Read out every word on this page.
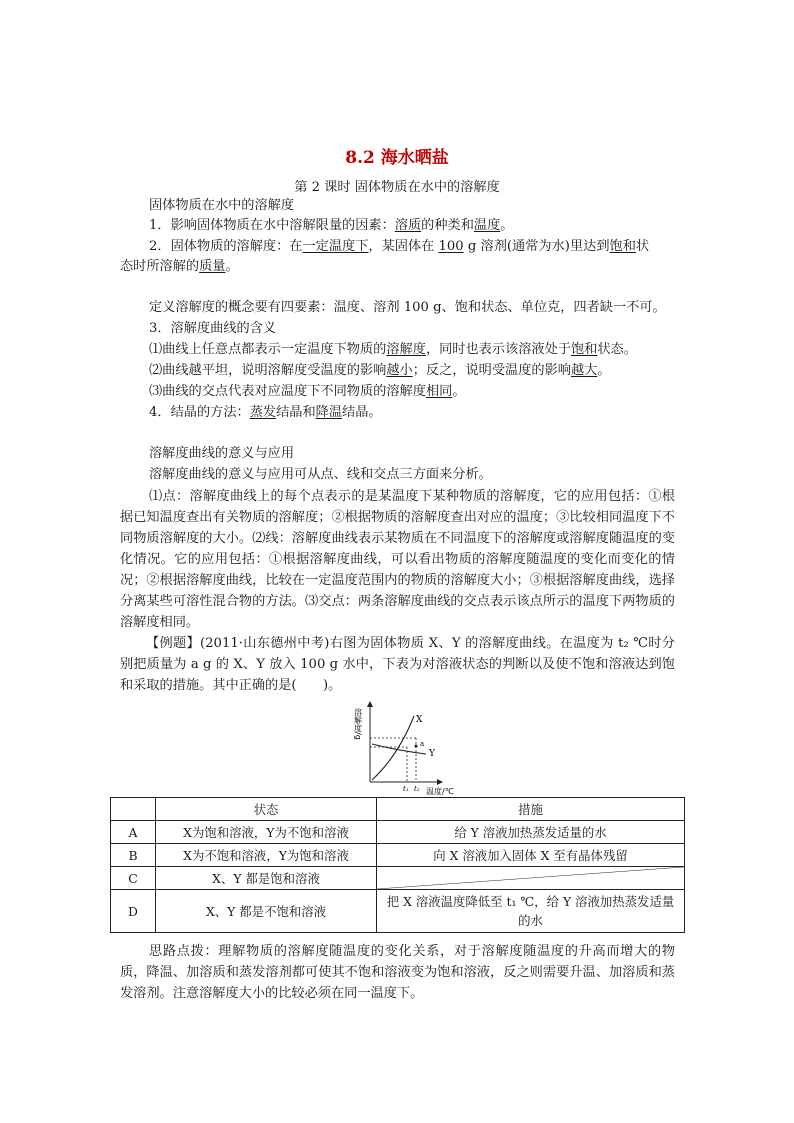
8.2 海水晒盐
第 2 课时 固体物质在水中的溶解度
固体物质在水中的溶解度
1．影响固体物质在水中溶解限量的因素：溶质的种类和温度。
2．固体物质的溶解度：在一定温度下，某固体在 100 g 溶剂(通常为水)里达到饱和状
态时所溶解的质量。
定义溶解度的概念要有四要素：温度、溶剂 100 g、饱和状态、单位克，四者缺一不可。
3．溶解度曲线的含义
⑴曲线上任意点都表示一定温度下物质的溶解度，同时也表示该溶液处于饱和状态。
⑵曲线越平坦，说明溶解度受温度的影响越小；反之，说明受温度的影响越大。
⑶曲线的交点代表对应温度下不同物质的溶解度相同。
4．结晶的方法：蒸发结晶和降温结晶。
溶解度曲线的意义与应用
溶解度曲线的意义与应用可从点、线和交点三方面来分析。
⑴点：溶解度曲线上的每个点表示的是某温度下某种物质的溶解度，它的应用包括：①根据已知温度查出有关物质的溶解度；②根据物质的溶解度查出对应的温度；③比较相同温度下不同物质溶解度的大小。⑵线：溶解度曲线表示某物质在不同温度下的溶解度或溶解度随温度的变化情况。它的应用包括：①根据溶解度曲线，可以看出物质的溶解度随温度的变化而变化的情况；②根据溶解度曲线，比较在一定温度范围内的物质的溶解度大小；③根据溶解度曲线，选择分离某些可溶性混合物的方法。⑶交点：两条溶解度曲线的交点表示该点所示的温度下两物质的溶解度相同。
【例题】(2011·山东德州中考)右图为固体物质 X、Y 的溶解度曲线。在温度为 t₂ ℃时分别把质量为 a g 的 X、Y 放入 100 g 水中，下表为对溶液状态的判断以及使不饱和溶液达到饱和采取的措施。其中正确的是(　　)。
溶解度/g
温度/℃
a
X
Y
t₁ t₂
	状态	措施
A	X为饱和溶液，Y为不饱和溶液	给 Y 溶液加热蒸发适量的水
B	X为不饱和溶液，Y为饱和溶液	向 X 溶液加入固体 X 至有晶体残留
C	X、Y 都是饱和溶液	

D	X、Y 都是不饱和溶液	把 X 溶液温度降低至 t₁ ℃，给 Y 溶液加热蒸发适量的水
思路点拨：理解物质的溶解度随温度的变化关系，对于溶解度随温度的升高而增大的物质，降温、加溶质和蒸发溶剂都可使其不饱和溶液变为饱和溶液，反之则需要升温、加溶质和蒸发溶剂。注意溶解度大小的比较必须在同一温度下。
